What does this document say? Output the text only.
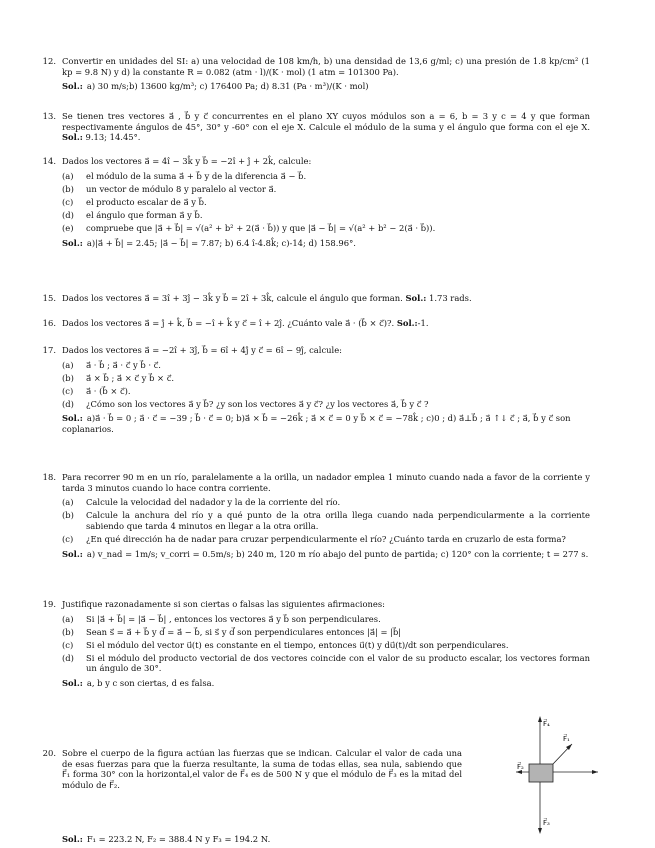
12. Convertir en unidades del SI: a) una velocidad de 108 km/h, b) una densidad de 13,6 g/ml; c) una presión de 1.8 kp/cm² (1 kp = 9.8 N) y d) la constante R = 0.082 (atm · l)/(K · mol) (1 atm = 101300 Pa).

Sol.: a) 30 m/s;b) 13600 kg/m³; c) 176400 Pa; d) 8.31 (Pa · m³)/(K · mol)
13. Se tienen tres vectores a⃗ , b⃗ y c⃗ concurrentes en el plano XY cuyos módulos son a = 6, b = 3 y c = 4 y que forman respectivamente ángulos de 45°, 30° y -60° con el eje X. Calcule el módulo de la suma y el ángulo que forma con el eje X. Sol.: 9.13; 14.45°.

14. Dados los vectores a⃗ = 4î − 3k̂ y b⃗ = −2î + ĵ + 2k̂, calcule:

(a) el módulo de la suma a⃗ + b⃗ y de la diferencia a⃗ − b⃗.
(b) un vector de módulo 8 y paralelo al vector a⃗.
(c) el producto escalar de a⃗ y b⃗.
(d) el ángulo que forman a⃗ y b⃗.
(e) compruebe que |a⃗ + b⃗| = √(a² + b² + 2(a⃗ · b⃗)) y que |a⃗ − b⃗| = √(a² + b² − 2(a⃗ · b⃗)).
Sol.: a)|a⃗ + b⃗| = 2.45; |a⃗ − b⃗| = 7.87; b) 6.4 î-4.8k̂; c)-14; d) 158.96°.
15. Dados los vectores a⃗ = 3î + 3ĵ − 3k̂ y b⃗ = 2î + 3k̂, calcule el ángulo que forman. Sol.: 1.73 rads.

16. Dados los vectores a⃗ = ĵ + k̂, b⃗ = −î + k̂ y c⃗ = î + 2ĵ. ¿Cuánto vale a⃗ · (b⃗ × c⃗)?. Sol.:-1.

17. Dados los vectores a⃗ = −2î + 3ĵ, b⃗ = 6î + 4ĵ y c⃗ = 6î − 9ĵ, calcule:

(a) a⃗ · b⃗ ; a⃗ · c⃗ y b⃗ · c⃗.
(b) a⃗ × b⃗ ; a⃗ × c⃗ y b⃗ × c⃗.
(c) a⃗ · (b⃗ × c⃗).
(d) ¿Cómo son los vectores a⃗ y b⃗? ¿y son los vectores a⃗ y c⃗? ¿y los vectores a⃗, b⃗ y c⃗ ?
Sol.: a)a⃗ · b⃗ = 0 ; a⃗ · c⃗ = −39 ; b⃗ · c⃗ = 0; b)a⃗ × b⃗ = −26k̂ ; a⃗ × c⃗ = 0 y b⃗ × c⃗ = −78k̂ ; c)0 ; d) a⃗⊥b⃗ ; a⃗ ↑↓ c⃗ ; a⃗, b⃗ y c⃗ son coplanarios.
18. Para recorrer 90 m en un río, paralelamente a la orilla, un nadador emplea 1 minuto cuando nada a favor de la corriente y tarda 3 minutos cuando lo hace contra corriente.

(a) Calcule la velocidad del nadador y la de la corriente del río.
(b) Calcule la anchura del río y a qué punto de la otra orilla llega cuando nada perpendicularmente a la corriente sabiendo que tarda 4 minutos en llegar a la otra orilla.
(c) ¿En qué dirección ha de nadar para cruzar perpendicularmente el río? ¿Cuánto tarda en cruzarlo de esta forma?
Sol.: a) v_nad = 1m/s; v_corri = 0.5m/s; b) 240 m, 120 m río abajo del punto de partida; c) 120° con la corriente; t = 277 s.
19. Justifique razonadamente si son ciertas o falsas las siguientes afirmaciones:

(a) Si |a⃗ + b⃗| = |a⃗ − b⃗| , entonces los vectores a⃗ y b⃗ son perpendiculares.
(b) Sean s⃗ = a⃗ + b⃗ y d⃗ = a⃗ − b⃗, si s⃗ y d⃗ son perpendiculares entonces |a⃗| = |b⃗|
(c) Si el módulo del vector u⃗(t) es constante en el tiempo, entonces u⃗(t) y du⃗(t)/dt son perpendiculares.
(d) Si el módulo del producto vectorial de dos vectores coincide con el valor de su producto escalar, los vectores forman un ángulo de 30°.
Sol.: a, b y c son ciertas, d es falsa.
20. Sobre el cuerpo de la figura actúan las fuerzas que se indican. Calcular el valor de cada una de esas fuerzas para que la fuerza resultante, la suma de todas ellas, sea nula, sabiendo que F⃗₁ forma 30° con la horizontal,el valor de F⃗₄ es de 500 N y que el módulo de F⃗₃ es la mitad del módulo de F⃗₂.

Sol.: F₁ = 223.2 N, F₂ = 388.4 N y F₃ = 194.2 N.
F⃗₄
F⃗₁
F⃗₂
F⃗₃
